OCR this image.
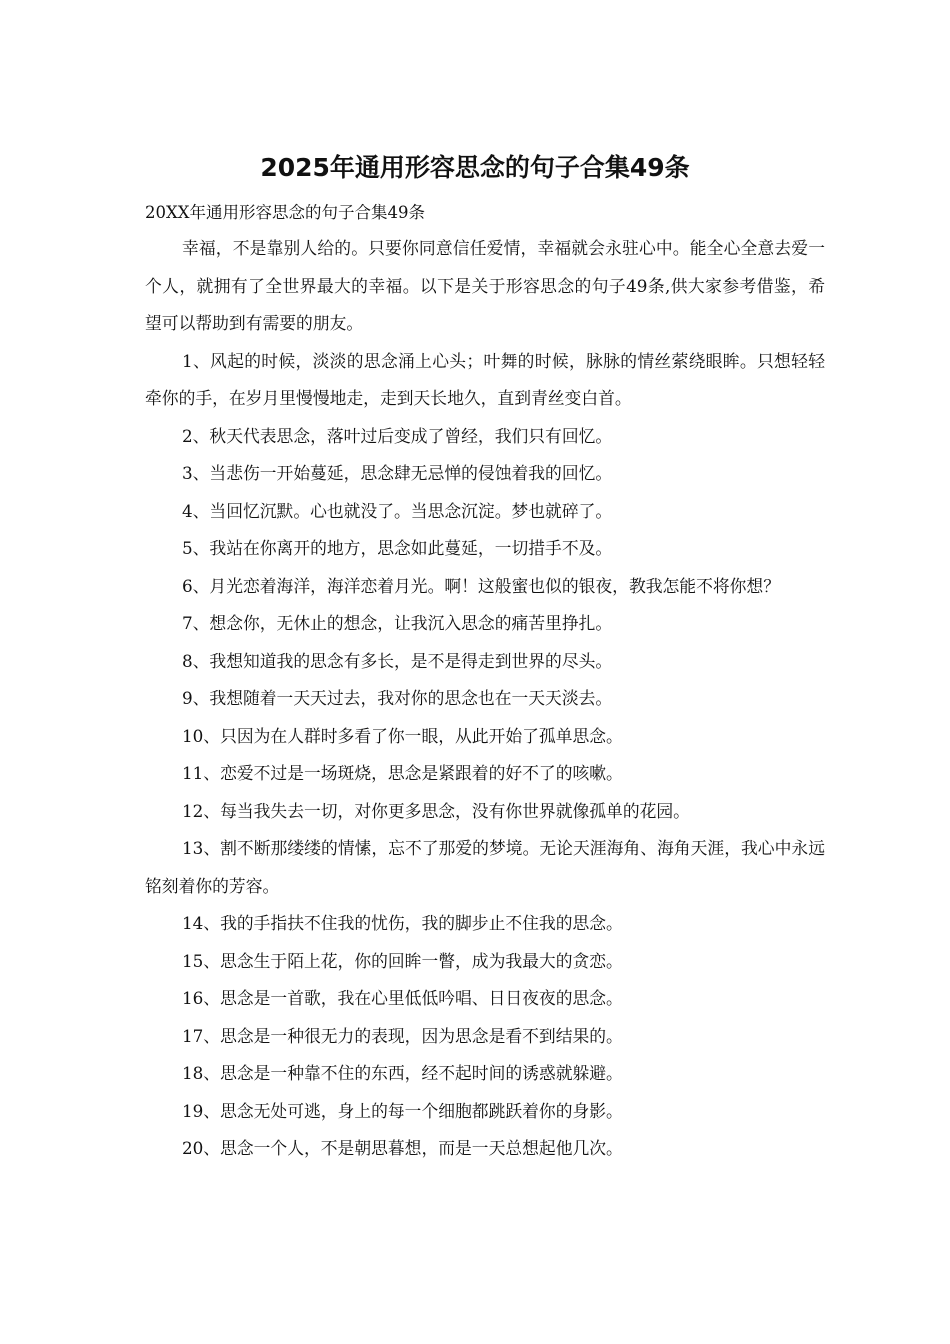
2025年通用形容思念的句子合集49条

20XX年通用形容思念的句子合集49条

幸福，不是靠别人给的。只要你同意信任爱情，幸福就会永驻心中。能全心全意去爱一个人，就拥有了全世界最大的幸福。以下是关于形容思念的句子49条,供大家参考借鉴，希望可以帮助到有需要的朋友。

1、风起的时候，淡淡的思念涌上心头；叶舞的时候，脉脉的情丝萦绕眼眸。只想轻轻牵你的手，在岁月里慢慢地走，走到天长地久，直到青丝变白首。

2、秋天代表思念，落叶过后变成了曾经，我们只有回忆。

3、当悲伤一开始蔓延，思念肆无忌惮的侵蚀着我的回忆。

4、当回忆沉默。心也就没了。当思念沉淀。梦也就碎了。

5、我站在你离开的地方，思念如此蔓延，一切措手不及。

6、月光恋着海洋，海洋恋着月光。啊！这般蜜也似的银夜，教我怎能不将你想？

7、想念你，无休止的想念，让我沉入思念的痛苦里挣扎。

8、我想知道我的思念有多长，是不是得走到世界的尽头。

9、我想随着一天天过去，我对你的思念也在一天天淡去。

10、只因为在人群时多看了你一眼，从此开始了孤单思念。

11、恋爱不过是一场斑烧，思念是紧跟着的好不了的咳嗽。

12、每当我失去一切，对你更多思念，没有你世界就像孤单的花园。

13、割不断那缕缕的情愫，忘不了那爱的梦境。无论天涯海角、海角天涯，我心中永远铭刻着你的芳容。

14、我的手指扶不住我的忧伤，我的脚步止不住我的思念。

15、思念生于陌上花，你的回眸一瞥，成为我最大的贪恋。

16、思念是一首歌，我在心里低低吟唱、日日夜夜的思念。

17、思念是一种很无力的表现，因为思念是看不到结果的。

18、思念是一种靠不住的东西，经不起时间的诱惑就躲避。

19、思念无处可逃，身上的每一个细胞都跳跃着你的身影。

20、思念一个人，不是朝思暮想，而是一天总想起他几次。
